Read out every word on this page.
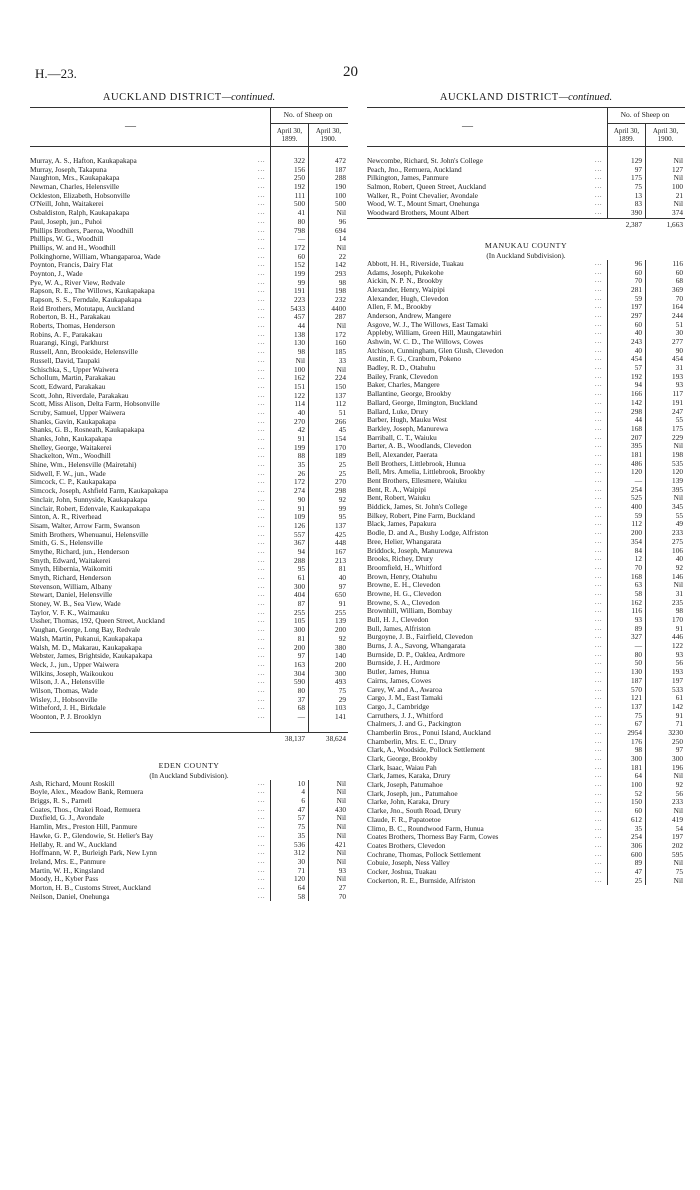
H.—23.	20
AUCKLAND DISTRICT—continued.
—
No. of Sheep on
April 30,
1899.
April 30,
1900.
Murray, A. S., Hafton, Kaukapakapa	...	322	472
Murray, Joseph, Takapuna	...	156	187
Naughton, Mrs., Kaukapakapa	...	250	288
Newman, Charles, Helensville	...	192	190
Ockleston, Elizabeth, Hobsonville	...	111	100
O'Neill, John, Waitakerei	...	500	500
Osbaldiston, Ralph, Kaukapakapa	...	41	Nil
Paul, Joseph, jun., Puhoi	...	80	96
Phillips Brothers, Paeroa, Woodhill	...	798	694
Phillips, W. G., Woodhill	...	—	14
Phillips, W. and H., Woodhill	...	172	Nil
Polkinghorne, William, Whangaparoa, Wade	...	60	22
Poynton, Francis, Dairy Flat	...	152	142
Poynton, J., Wade	...	199	293
Pye, W. A., River View, Redvale	...	99	98
Rapson, R. E., The Willows, Kaukapakapa	...	191	198
Rapson, S. S., Ferndale, Kaukapakapa	...	223	232
Reid Brothers, Motutapu, Auckland	...	5433	4400
Roberton, B. H., Parakakau	...	457	287
Roberts, Thomas, Henderson	...	44	Nil
Robins, A. F., Parakakau	...	138	172
Ruarangi, Kingi, Parkhurst	...	130	160
Russell, Ann, Brookside, Helensville	...	98	185
Russell, David, Taupaki	...	Nil	33
Schischka, S., Upper Waiwera	...	100	Nil
Schollum, Martin, Parakakau	...	162	224
Scott, Edward, Parakakau	...	151	150
Scott, John, Riverdale, Parakakau	...	122	137
Scott, Miss Alison, Delta Farm, Hobsonville	...	114	112
Scruby, Samuel, Upper Waiwera	...	40	51
Shanks, Gavin, Kaukapakapa	...	270	266
Shanks, G. B., Rosneath, Kaukapakapa	...	42	45
Shanks, John, Kaukapakapa	...	91	154
Shelley, George, Waitakerei	...	199	170
Shackelton, Wm., Woodhill	...	88	189
Shine, Wm., Helensville (Mairetahi)	...	35	25
Sidwell, F. W., jun., Wade	...	26	25
Simcock, C. P., Kaukapakapa	...	172	270
Simcock, Joseph, Ashfield Farm, Kaukapakapa	...	274	298
Sinclair, John, Sunnyside, Kaukapakapa	...	90	92
Sinclair, Robert, Edenvale, Kaukapakapa	...	91	99
Sinton, A. R., Riverhead	...	109	95
Sisam, Walter, Arrow Farm, Swanson	...	126	137
Smith Brothers, Whenuanui, Helensville	...	557	425
Smith, G. S., Helensville	...	367	448
Smythe, Richard, jun., Henderson	...	94	167
Smyth, Edward, Waitakerei	...	288	213
Smyth, Hibernia, Waikomiti	...	95	81
Smyth, Richard, Henderson	...	61	40
Stevenson, William, Albany	...	300	97
Stewart, Daniel, Helensville	...	404	650
Stoney, W. B., Sea View, Wade	...	87	91
Taylor, V. F. K., Waimauku	...	255	255
Ussher, Thomas, 192, Queen Street, Auckland	...	105	139
Vaughan, George, Long Bay, Redvale	...	300	200
Walsh, Martin, Pukanui, Kaukapakapa	...	81	92
Walsh, M. D., Makarau, Kaukapakapa	...	200	380
Webster, James, Brightside, Kaukapakapa	...	97	140
Weck, J., jun., Upper Waiwera	...	163	200
Wilkins, Joseph, Waikoukou	...	304	300
Wilson, J. A., Helensville	...	590	493
Wilson, Thomas, Wade	...	80	75
Wisley, J., Hobsonville	...	37	29
Witheford, J. H., Birkdale	...	68	103
Woonton, P. J. Brooklyn	...	—	141
38,137	38,624
EDEN COUNTY
(In Auckland Subdivision).
Ash, Richard, Mount Roskill	...	10	Nil
Boyle, Alex., Meadow Bank, Remuera	...	4	Nil
Briggs, R. S., Parnell	...	6	Nil
Coates, Thos., Orakei Road, Remuera	...	47	430
Duxfield, G. J., Avondale	...	57	Nil
Hamlin, Mrs., Preston Hill, Panmure	...	75	Nil
Hawke, G. P., Glendowie, St. Helier's Bay	...	35	Nil
Hellaby, R. and W., Auckland	...	536	421
Hoffmann, W. P., Burleigh Park, New Lynn	...	312	Nil
Ireland, Mrs. E., Panmure	...	30	Nil
Martin, W. H., Kingsland	...	71	93
Moody, H., Kyber Pass	...	120	Nil
Morton, H. B., Customs Street, Auckland	...	64	27
Neilson, Daniel, Onehunga	...	58	70
AUCKLAND DISTRICT—continued.
—
No. of Sheep on
April 30,
1899.
April 30,
1900.
Newcombe, Richard, St. John's College	...	129	Nil
Peach, Jno., Remuera, Auckland	...	97	127
Pilkington, James, Panmure	...	175	Nil
Salmon, Robert, Queen Street, Auckland	...	75	100
Walker, R., Point Chevalier, Avondale	...	13	21
Wood, W. T., Mount Smart, Onehunga	...	83	Nil
Woodward Brothers, Mount Albert	...	390	374
2,387	1,663
MANUKAU COUNTY
(In Auckland Subdivision).
Abbott, H. H., Riverside, Tuakau	...	96	116
Adams, Joseph, Pukekohe	...	60	60
Aickin, N. P. N., Brookby	...	70	68
Alexander, Henry, Waipipi	...	281	369
Alexander, Hugh, Clevedon	...	59	70
Allen, F. M., Brookby	...	197	164
Anderson, Andrew, Mangere	...	297	244
Asgove, W. J., The Willows, East Tamaki	...	60	51
Appleby, William, Green Hill, Maungatawhiri	...	40	30
Ashwin, W. C. D., The Willows, Cowes	...	243	277
Atchison, Cunningham, Glen Glush, Clevedon	...	40	90
Austin, F. G., Cranburn, Pokeno	...	454	454
Badley, R. D., Otahuhu	...	57	31
Bailey, Frank, Clevedon	...	192	193
Baker, Charles, Mangere	...	94	93
Ballantine, George, Brookby	...	166	117
Ballard, George, Ilmington, Buckland	...	142	191
Ballard, Luke, Drury	...	298	247
Barber, Hugh, Mauku West	...	44	55
Barkley, Joseph, Manurewa	...	168	175
Barriball, C. T., Waiuku	...	207	229
Barter, A. B., Woodlands, Clevedon	...	395	Nil
Bell, Alexander, Paerata	...	181	198
Bell Brothers, Littlebrook, Hunua	...	486	535
Bell, Mrs. Amelia, Littlebrook, Brookby	...	120	120
Bent Brothers, Ellesmere, Waiuku	...	—	139
Bent, R. A., Waipipi	...	254	395
Bent, Robert, Waiuku	...	525	Nil
Biddick, James, St. John's College	...	400	345
Bilkey, Robert, Pine Farm, Buckland	...	59	55
Black, James, Papakura	...	112	49
Bodle, D. and A., Bushy Lodge, Alfriston	...	200	233
Bree, Helier, Whangarata	...	354	275
Briddock, Joseph, Manurewa	...	84	106
Brooks, Richey, Drury	...	12	40
Broomfield, H., Whitford	...	70	92
Brown, Henry, Otahuhu	...	168	146
Browne, E. H., Clevedon	...	63	Nil
Browne, H. G., Clevedon	...	58	31
Browne, S. A., Clevedon	...	162	235
Brownhill, William, Bombay	...	116	98
Bull, H. J., Clevedon	...	93	170
Bull, James, Alfriston	...	89	91
Burgoyne, J. B., Fairfield, Clevedon	...	327	446
Burns, J. A., Savong, Whangarata	...	—	122
Burnside, D. P., Oaklea, Ardmore	...	80	93
Burnside, J. H., Ardmore	...	50	56
Butler, James, Hunua	...	130	193
Cairns, James, Cowes	...	187	197
Carey, W. and A., Awaroa	...	570	533
Cargo, J. M., East Tamaki	...	121	61
Cargo, J., Cambridge	...	137	142
Carruthers, J. J., Whitford	...	75	91
Chalmers, J. and G., Packington	...	67	71
Chamberlin Bros., Ponui Island, Auckland	...	2954	3230
Chamberlin, Mrs. E. C., Drury	...	176	250
Clark, A., Woodside, Pollock Settlement	...	98	97
Clark, George, Brookby	...	300	300
Clark, Isaac, Waiau Pah	...	181	196
Clark, James, Karaka, Drury	...	64	Nil
Clark, Joseph, Patumahoe	...	100	92
Clark, Joseph, jun., Patumahoe	...	52	56
Clarke, John, Karaka, Drury	...	150	233
Clarke, Jno., South Road, Drury	...	60	Nil
Claude, F. R., Papatoetoe	...	612	419
Climo, B. C., Roundwood Farm, Hunua	...	35	54
Coates Brothers, Thorness Bay Farm, Cowes	...	254	197
Coates Brothers, Clevedon	...	306	202
Cochrane, Thomas, Pollock Settlement	...	600	595
Cobuie, Joseph, Ness Valley	...	89	Nil
Cocker, Joshua, Tuakau	...	47	75
Cockerton, R. E., Burnside, Alfriston	...	25	Nil
